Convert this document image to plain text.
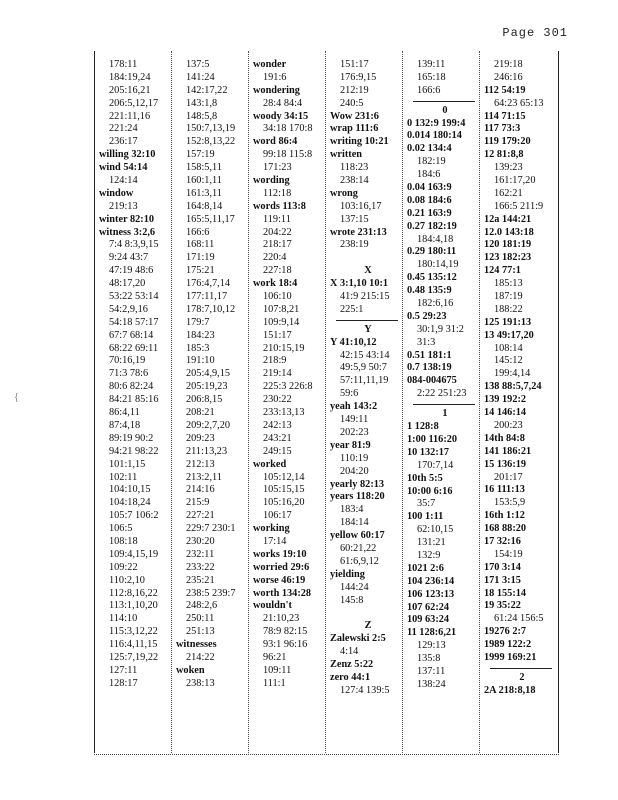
Page 301
{
178:11
184:19,24
205:16,21
206:5,12,17
221:11,16
221:24
236:17
willing 32:10
wind 54:14
124:14
window
219:13
winter 82:10
witness 3:2,6
7:4 8:3,9,15
9:24 43:7
47:19 48:6
48:17,20
53:22 53:14
54:2,9,16
54:18 57:17
67:7 68:14
68:22 69:11
70:16,19
71:3 78:6
80:6 82:24
84:21 85:16
86:4,11
87:4,18
89:19 90:2
94:21 98:22
101:1,15
102:11
104:10,15
104:18,24
105:7 106:2
106:5
108:18
109:4,15,19
109:22
110:2,10
112:8,16,22
113:1,10,20
114:10
115:3,12,22
116:4,11,15
125:7,19,22
127:11
128:17
137:5
141:24
142:17,22
143:1,8
148:5,8
150:7,13,19
152:8,13,22
157:19
158:5,11
160:1,11
161:3,11
164:8,14
165:5,11,17
166:6
168:11
171:19
175:21
176:4,7,14
177:11,17
178:7,10,12
179:7
184:23
185:3
191:10
205:4,9,15
205:19,23
206:8,15
208:21
209:2,7,20
209:23
211:13,23
212:13
213:2,11
214:16
215:9
227:21
229:7 230:1
230:20
232:11
233:22
235:21
238:5 239:7
248:2,6
250:11
251:13
witnesses
214:22
woken
238:13
wonder
191:6
wondering
28:4 84:4
woody 34:15
34:18 170:8
word 86:4
99:18 115:8
171:23
wording
112:18
words 113:8
119:11
204:22
218:17
220:4
227:18
work 18:4
106:10
107:8,21
109:9,14
151:17
210:15,19
218:9
219:14
225:3 226:8
230:22
233:13,13
242:13
243:21
249:15
worked
105:12,14
105:15,15
105:16,20
106:17
working
17:14
works 19:10
worried 29:6
worse 46:19
worth 134:28
wouldn't
21:10,23
78:9 82:15
93:1 96:16
96:21
109:11
111:1
151:17
176:9,15
212:19
240:5
Wow 231:6
wrap 111:6
writing 10:21
written
118:23
238:14
wrong
103:16,17
137:15
wrote 231:13
238:19
X
X 3:1,10 10:1
41:9 215:15
225:1
Y
Y 41:10,12
42:15 43:14
49:5,9 50:7
57:11,11,19
59:6
yeah 143:2
149:11
202:23
year 81:9
110:19
204:20
yearly 82:13
years 118:20
183:4
184:14
yellow 60:17
60:21,22
61:6,9,12
yielding
144:24
145:8
Z
Zalewski 2:5
4:14
Zenz 5:22
zero 44:1
127:4 139:5
139:11
165:18
166:6
0
0 132:9 199:4
0.014 180:14
0.02 134:4
182:19
184:6
0.04 163:9
0.08 184:6
0.21 163:9
0.27 182:19
184:4,18
0.29 180:11
180:14,19
0.45 135:12
0.48 135:9
182:6,16
0.5 29:23
30:1,9 31:2
31:3
0.51 181:1
0.7 138:19
084-004675
2:22 251:23
1
1 128:8
1:00 116:20
10 132:17
170:7,14
10th 5:5
10:00 6:16
35:7
100 1:11
62:10,15
131:21
132:9
1021 2:6
104 236:14
106 123:13
107 62:24
109 63:24
11 128:6,21
129:13
135:8
137:11
138:24
219:18
246:16
112 54:19
64:23 65:13
114 71:15
117 73:3
119 179:20
12 81:8,8
139:23
161:17,20
162:21
166:5 211:9
12a 144:21
12.0 143:18
120 181:19
123 182:23
124 77:1
185:13
187:19
188:22
125 191:13
13 49:17,20
108:14
145:12
199:4,14
138 88:5,7,24
139 192:2
14 146:14
200:23
14th 84:8
141 186:21
15 136:19
201:17
16 111:13
153:5,9
16th 1:12
168 88:20
17 32:16
154:19
170 3:14
171 3:15
18 155:14
19 35:22
61:24 156:5
19276 2:7
1989 122:2
1999 169:21
2
2A 218:8,18
